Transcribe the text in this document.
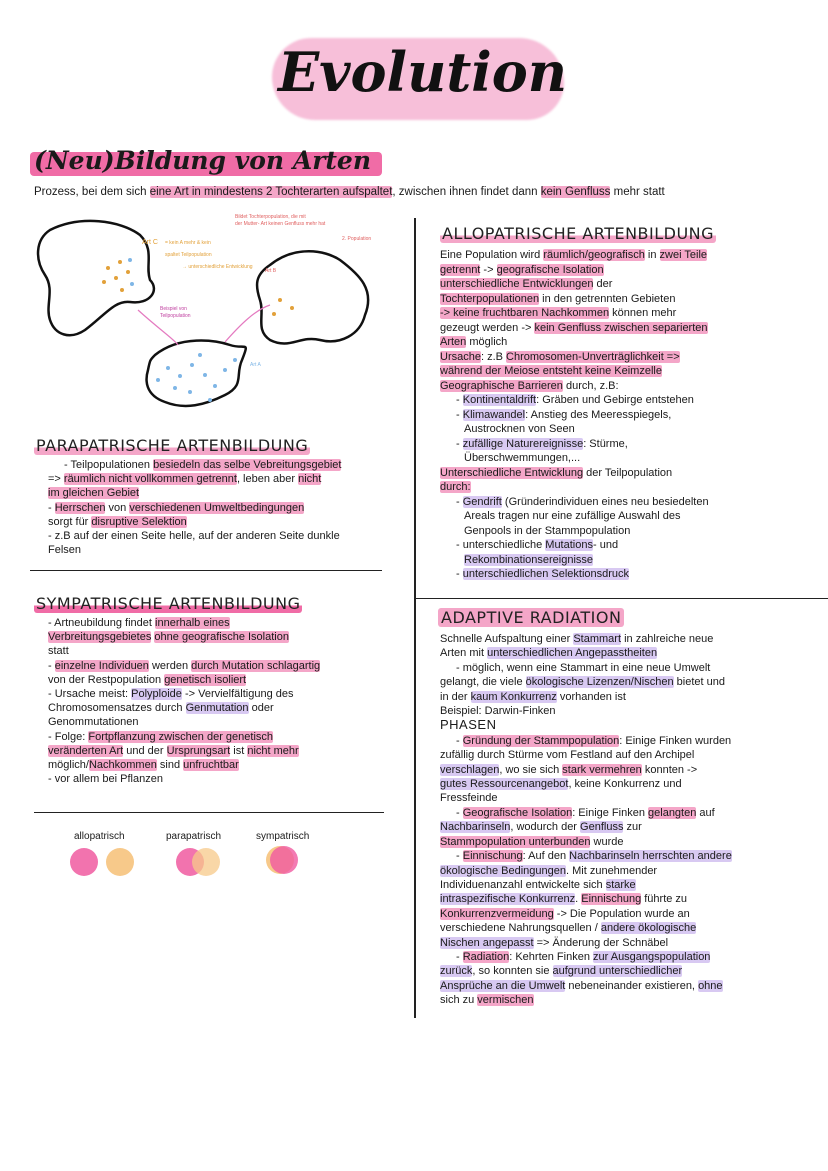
Evolution
(Neu)Bildung von Arten
Prozess, bei dem sich eine Art in mindestens 2 Tochterarten aufspaltet, zwischen ihnen findet dann kein Genfluss mehr statt
Art C = kein A mehr & kein
spaltet Teilpopulation
→ unterschiedliche Entwicklung
Bildet Tochterpopulation, die mit
der Mutter- Art keinen Genfluss mehr hat
Art B
2. Population
Beispiel von
Teilpopulation
Art A
ALLOPATRISCHE ARTENBILDUNG
Eine Population wird räumlich/geografisch in zwei Teile
getrennt -> geografische Isolation
unterschiedliche Entwicklungen der
Tochterpopulationen in den getrennten Gebieten
-> keine fruchtbaren Nachkommen können mehr
gezeugt werden -> kein Genfluss zwischen separierten
Arten möglich
Ursache: z.B Chromosomen-Unverträglichkeit =>
während der Meiose entsteht keine Keimzelle
Geographische Barrieren durch, z.B:
- Kontinentaldrift: Gräben und Gebirge entstehen
- Klimawandel: Anstieg des Meeresspiegels,
Austrocknen von Seen
- zufällige Naturereignisse: Stürme,
Überschwemmungen,...
Unterschiedliche Entwicklung der Teilpopulation
durch:
- Gendrift (Gründerindividuen eines neu besiedelten
Areals tragen nur eine zufällige Auswahl des
Genpools in der Stammpopulation
- unterschiedliche Mutations- und
Rekombinationsereignisse
- unterschiedlichen Selektionsdruck
PARAPATRISCHE ARTENBILDUNG
- Teilpopulationen besiedeln das selbe Vebreitungsgebiet
=> räumlich nicht vollkommen getrennt, leben aber nicht
im gleichen Gebiet
- Herrschen von verschiedenen Umweltbedingungen
sorgt für disruptive Selektion
- z.B auf der einen Seite helle, auf der anderen Seite dunkle
Felsen
SYMPATRISCHE ARTENBILDUNG
- Artneubildung findet innerhalb eines
Verbreitungsgebietes ohne geografische Isolation
statt
- einzelne Individuen werden durch Mutation schlagartig
von der Restpopulation genetisch isoliert
- Ursache meist: Polyploide -> Vervielfältigung des
Chromosomensatzes durch Genmutation oder
Genommutationen
- Folge: Fortpflanzung zwischen der genetisch
veränderten Art und der Ursprungsart ist nicht mehr
möglich/Nachkommen sind unfruchtbar
- vor allem bei Pflanzen
ADAPTIVE RADIATION
Schnelle Aufspaltung einer Stammart in zahlreiche neue
Arten mit unterschiedlichen Angepasstheiten
- möglich, wenn eine Stammart in eine neue Umwelt
gelangt, die viele ökologische Lizenzen/Nischen bietet und
in der kaum Konkurrenz vorhanden ist
Beispiel: Darwin-Finken
PHASEN
- Gründung der Stammpopulation: Einige Finken wurden
zufällig durch Stürme vom Festland auf den Archipel
verschlagen, wo sie sich stark vermehren konnten ->
gutes Ressourcenangebot, keine Konkurrenz und
Fressfeinde
- Geografische Isolation: Einige Finken gelangten auf
Nachbarinseln, wodurch der Genfluss zur
Stammpopulation unterbunden wurde
- Einnischung: Auf den Nachbarinseln herrschten andere
ökologische Bedingungen. Mit zunehmender
Individuenanzahl entwickelte sich starke
intraspezifische Konkurrenz. Einnischung führte zu
Konkurrenzvermeidung -> Die Population wurde an
verschiedene Nahrungsquellen / andere ökologische
Nischen angepasst => Änderung der Schnäbel
- Radiation: Kehrten Finken zur Ausgangspopulation
zurück, so konnten sie aufgrund unterschiedlicher
Ansprüche an die Umwelt nebeneinander existieren, ohne
sich zu vermischen
allopatrisch	parapatrisch	sympatrisch
